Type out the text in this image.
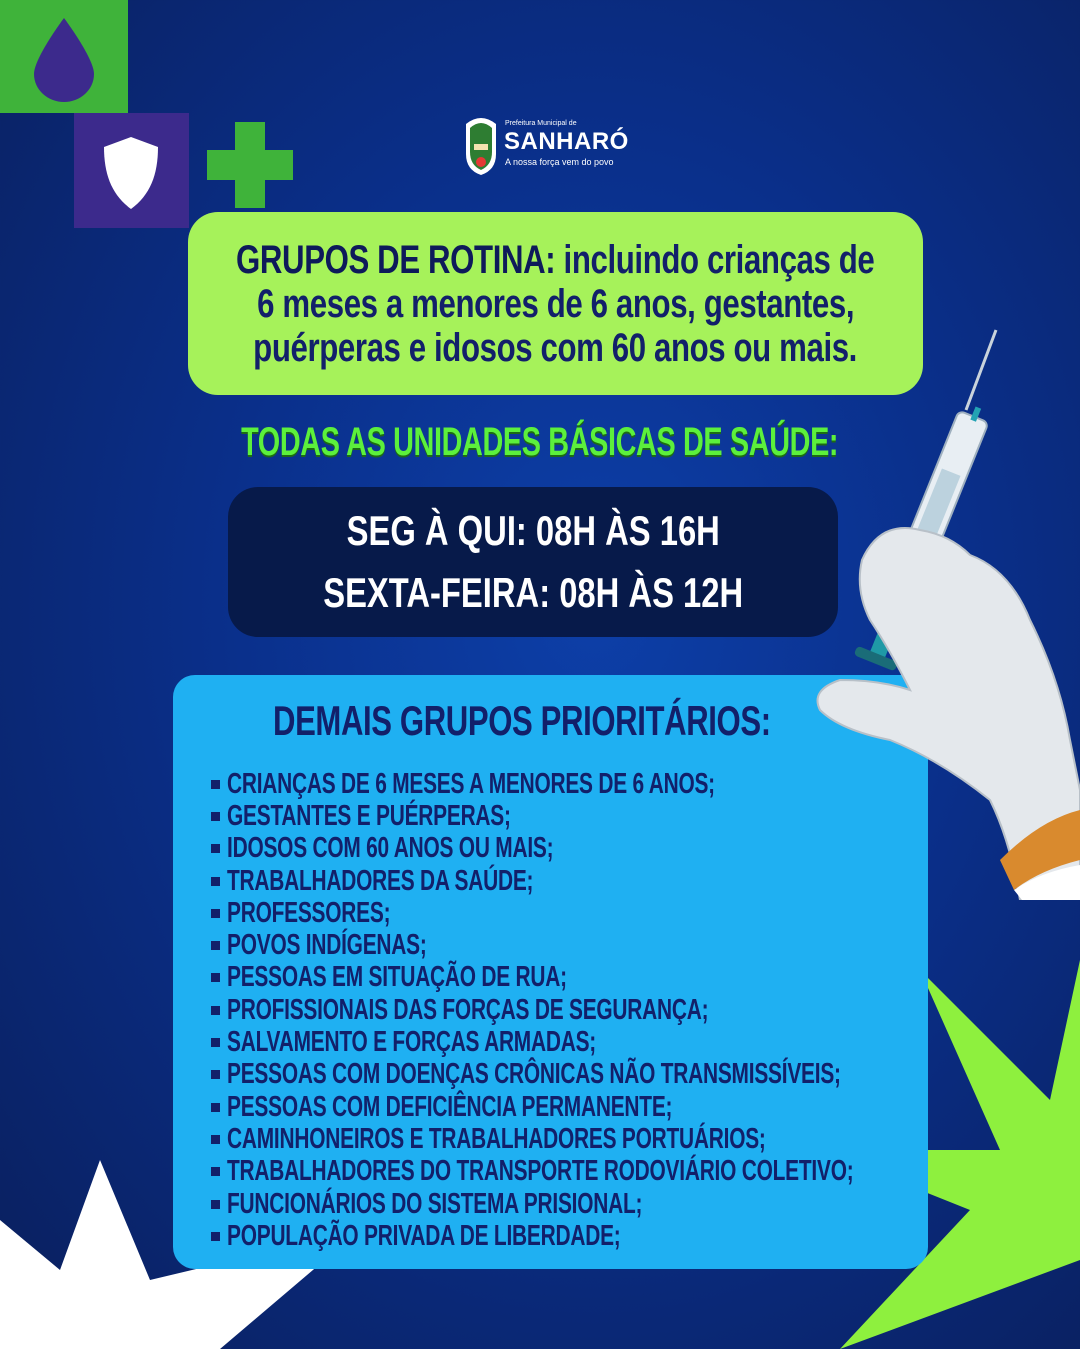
Prefeitura Municipal de
SANHARÓ
A nossa força vem do povo
GRUPOS DE ROTINA: incluindo crianças de
6 meses a menores de 6 anos, gestantes,
puérperas e idosos com 60 anos ou mais.
TODAS AS UNIDADES BÁSICAS DE SAÚDE:
SEG À QUI: 08H ÀS 16H
SEXTA-FEIRA: 08H ÀS 12H
DEMAIS GRUPOS PRIORITÁRIOS:
CRIANÇAS DE 6 MESES A MENORES DE 6 ANOS;
GESTANTES E PUÉRPERAS;
IDOSOS COM 60 ANOS OU MAIS;
TRABALHADORES DA SAÚDE;
PROFESSORES;
POVOS INDÍGENAS;
PESSOAS EM SITUAÇÃO DE RUA;
PROFISSIONAIS DAS FORÇAS DE SEGURANÇA;
SALVAMENTO E FORÇAS ARMADAS;
PESSOAS COM DOENÇAS CRÔNICAS NÃO TRANSMISSÍVEIS;
PESSOAS COM DEFICIÊNCIA PERMANENTE;
CAMINHONEIROS E TRABALHADORES PORTUÁRIOS;
TRABALHADORES DO TRANSPORTE RODOVIÁRIO COLETIVO;
FUNCIONÁRIOS DO SISTEMA PRISIONAL;
POPULAÇÃO PRIVADA DE LIBERDADE;
